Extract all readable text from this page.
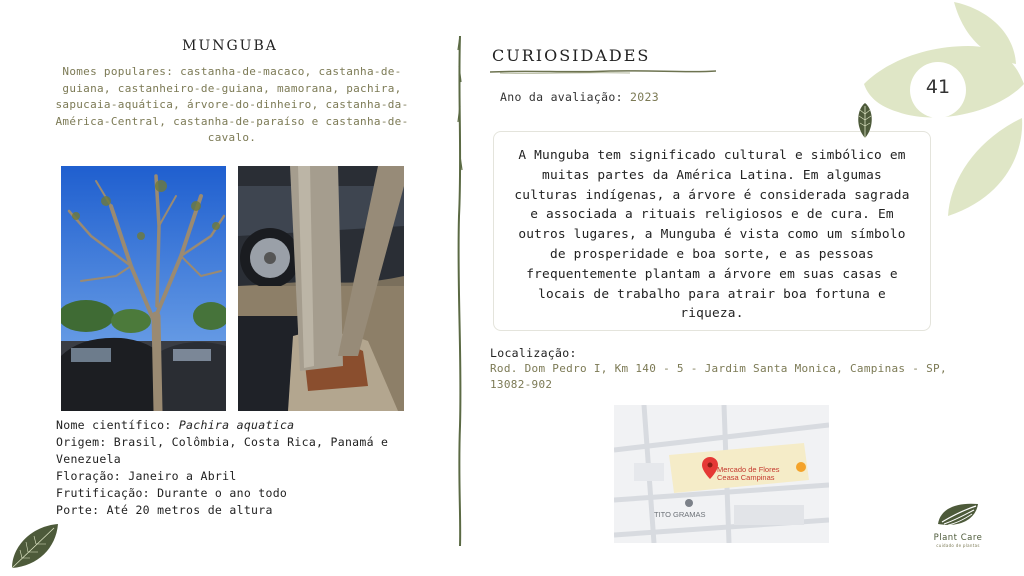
MUNGUBA
Nomes populares: castanha-de-macaco, castanha-de-guiana, castanheiro-de-guiana, mamorana, pachira, sapucaia-aquática, árvore-do-dinheiro, castanha-da-América-Central, castanha-de-paraíso e castanha-de-cavalo.
Nome científico: Pachira aquatica
Origem: Brasil, Colômbia, Costa Rica, Panamá e Venezuela
Floração: Janeiro a Abril
Frutificação: Durante o ano todo
Porte: Até 20 metros de altura
CURIOSIDADES
Ano da avaliação: 2023
A Munguba tem significado cultural e simbólico em muitas partes da América Latina. Em algumas culturas indígenas, a árvore é considerada sagrada e associada a rituais religiosos e de cura. Em outros lugares, a Munguba é vista como um símbolo de prosperidade e boa sorte, e as pessoas frequentemente plantam a árvore em suas casas e locais de trabalho para atrair boa fortuna e riqueza.
Localização:
Rod. Dom Pedro I, Km 140 - 5 - Jardim Santa Monica, Campinas - SP, 13082-902
Mercado de Flores
Ceasa Campinas
TITO GRAMAS
41
Plant Care
cuidado de plantas
